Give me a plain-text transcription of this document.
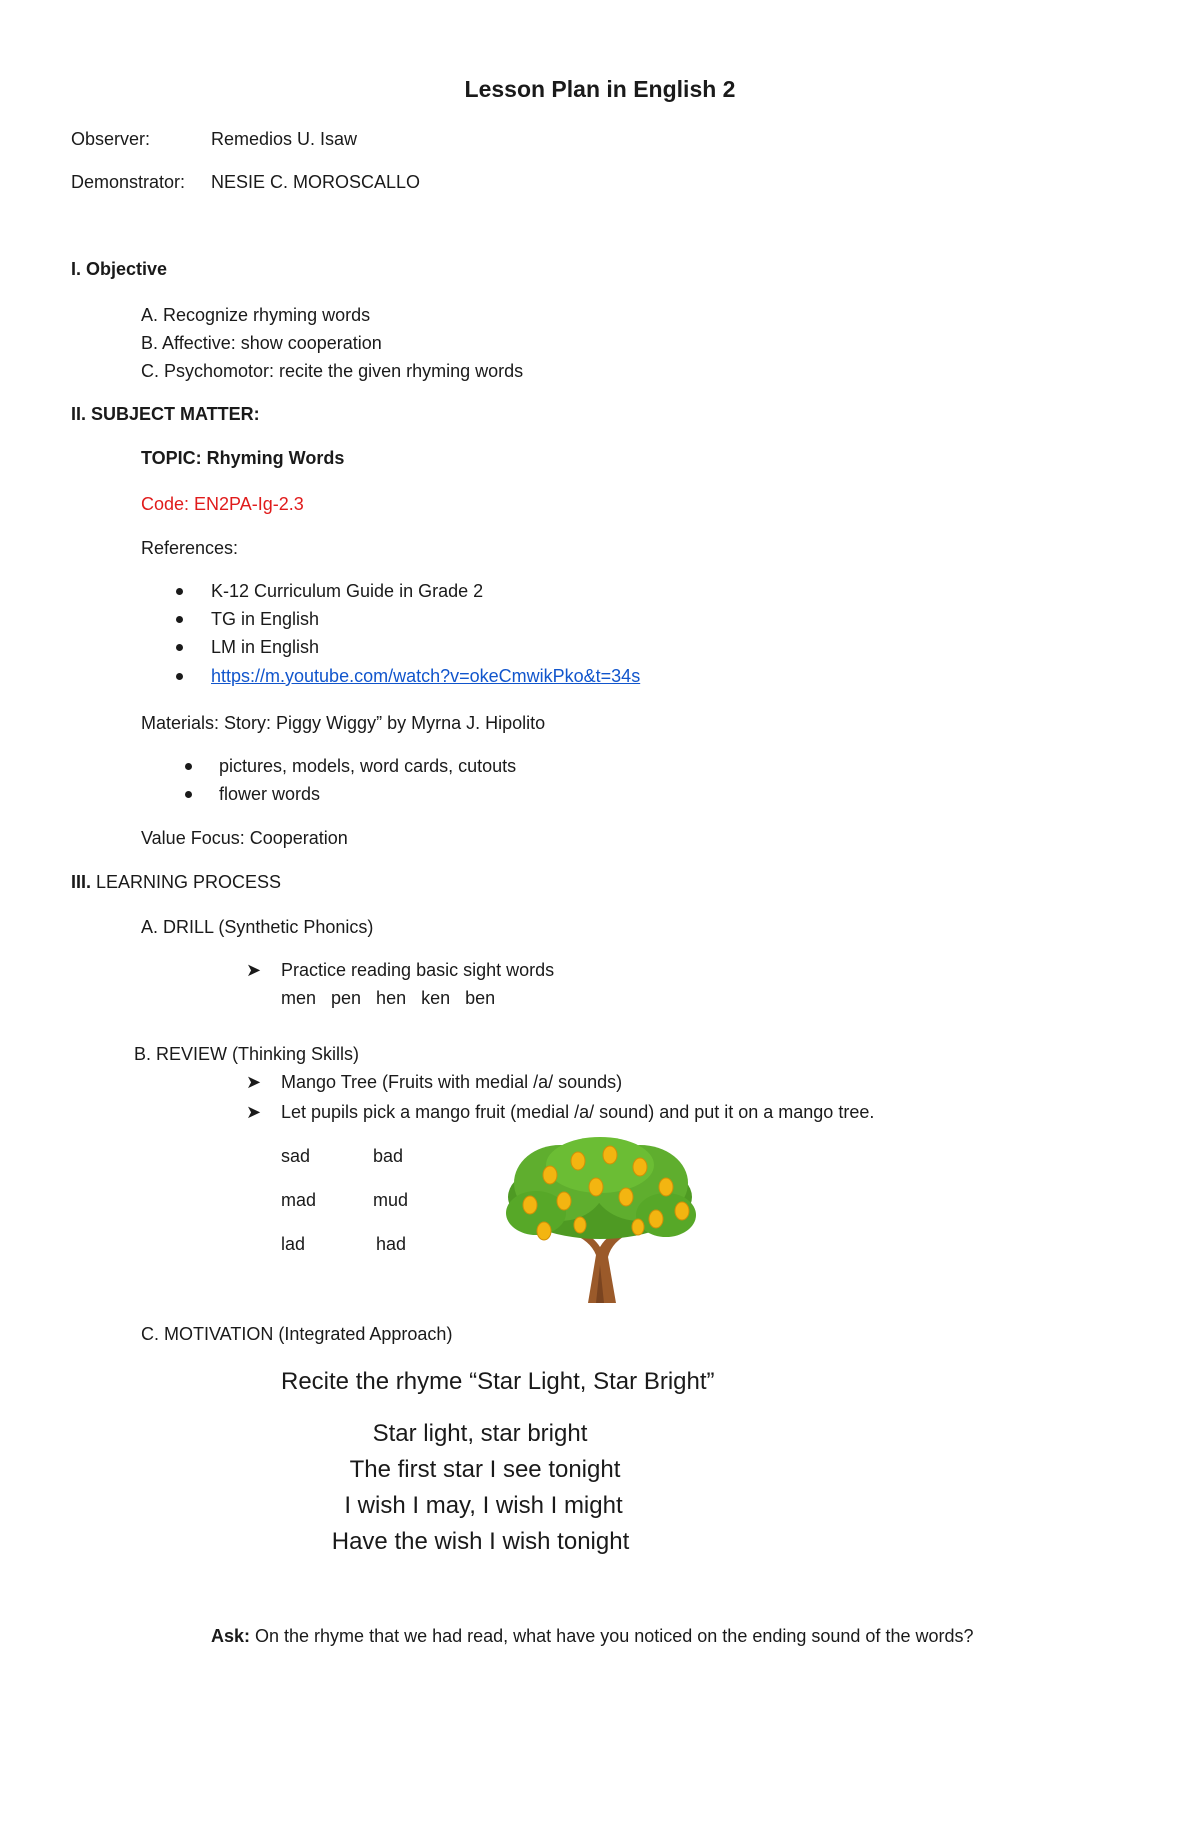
Lesson Plan in English 2
Observer:	Remedios U. Isaw
Demonstrator: NESIE C. MOROSCALLO
I. Objective
A. Recognize rhyming words
B. Affective: show cooperation
C. Psychomotor: recite the given rhyming words
II. SUBJECT MATTER:
TOPIC: Rhyming Words
Code: EN2PA-Ig-2.3
References:
K-12 Curriculum Guide in Grade 2
TG in English
LM in English
https://m.youtube.com/watch?v=okeCmwikPko&t=34s
Materials: Story: Piggy Wiggy” by Myrna J. Hipolito
pictures, models, word cards, cutouts
flower words
Value Focus: Cooperation
III. LEARNING PROCESS
A. DRILL (Synthetic Phonics)
➤ Practice reading basic sight words
men   pen   hen   ken   ben
B. REVIEW (Thinking Skills)
➤ Mango Tree (Fruits with medial /a/ sounds)
➤ Let pupils pick a mango fruit (medial /a/ sound) and put it on a mango tree.
sad	bad
mad	mud
lad	had
C. MOTIVATION (Integrated Approach)
Recite the rhyme “Star Light, Star Bright”
Star light, star bright
The first star I see tonight
I wish I may, I wish I might
Have the wish I wish tonight
Ask: On the rhyme that we had read, what have you noticed on the ending sound of the words?
